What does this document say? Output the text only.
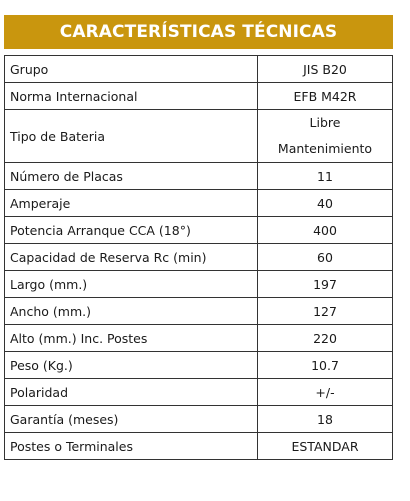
CARACTERÍSTICAS TÉCNICAS
Grupo	JIS B20
Norma Internacional	EFB M42R
Tipo de Bateria	Libre
Mantenimiento

Número de Placas	11
Amperaje	40
Potencia Arranque CCA (18°)	400
Capacidad de Reserva Rc (min)	60
Largo (mm.)	197
Ancho (mm.)	127
Alto (mm.) Inc. Postes	220
Peso (Kg.)	10.7
Polaridad	+/-
Garantía (meses)	18
Postes o Terminales	ESTANDAR
